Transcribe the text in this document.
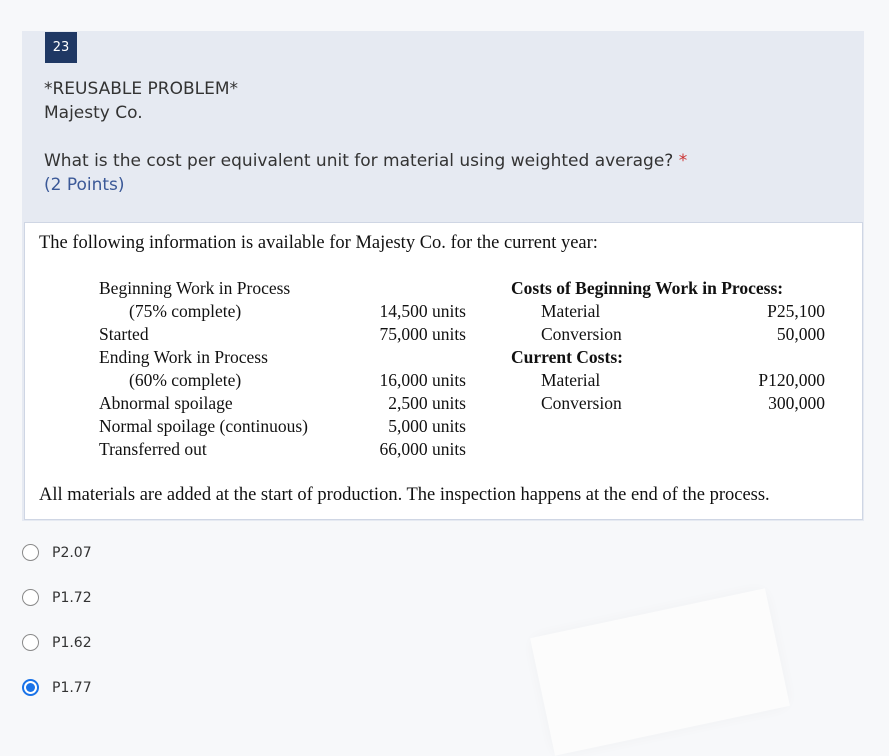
23
*REUSABLE PROBLEM*
Majesty Co.
What is the cost per equivalent unit for material using weighted average? *
(2 Points)
The following information is available for Majesty Co. for the current year:
Beginning Work in Process
(75% complete)	14,500 units
Started	75,000 units
Ending Work in Process
(60% complete)	16,000 units
Abnormal spoilage	2,500 units
Normal spoilage (continuous)	5,000 units
Transferred out	66,000 units
Costs of Beginning Work in Process:
Material	P25,100
Conversion	50,000
Current Costs:
Material	P120,000
Conversion	300,000
All materials are added at the start of production. The inspection happens at the end of the process.
P2.07
P1.72
P1.62
P1.77
